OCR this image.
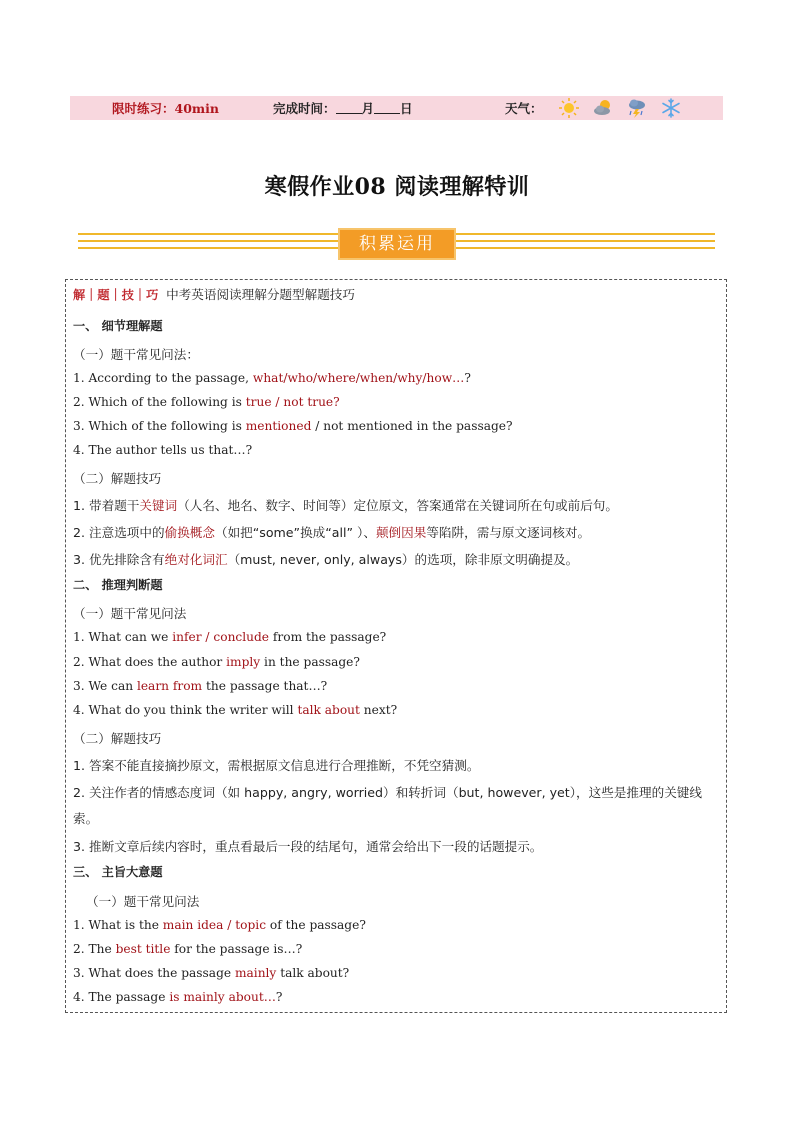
限时练习：40min	完成时间： 月 日	天气：
寒假作业08 阅读理解特训
积累运用
解｜题｜技｜巧 中考英语阅读理解分题型解题技巧
一、 细节理解题
（一）题干常见问法：
1. According to the passage, what/who/where/when/why/how…?
2. Which of the following is true / not true?
3. Which of the following is mentioned / not mentioned in the passage?
4. The author tells us that…?
（二）解题技巧
1. 带着题干关键词（人名、地名、数字、时间等）定位原文，答案通常在关键词所在句或前后句。
2. 注意选项中的偷换概念（如把“some”换成“all” ）、颠倒因果等陷阱，需与原文逐词核对。
3. 优先排除含有绝对化词汇（must, never, only, always）的选项，除非原文明确提及。
二、 推理判断题
（一）题干常见问法
1. What can we infer / conclude from the passage?
2. What does the author imply in the passage?
3. We can learn from the passage that…?
4. What do you think the writer will talk about next?
（二）解题技巧
1. 答案不能直接摘抄原文，需根据原文信息进行合理推断，不凭空猜测。
2. 关注作者的情感态度词（如 happy, angry, worried）和转折词（but, however, yet），这些是推理的关键线
索。
3. 推断文章后续内容时，重点看最后一段的结尾句，通常会给出下一段的话题提示。
三、 主旨大意题
（一）题干常见问法
1. What is the main idea / topic of the passage?
2. The best title for the passage is…?
3. What does the passage mainly talk about?
4. The passage is mainly about…?
